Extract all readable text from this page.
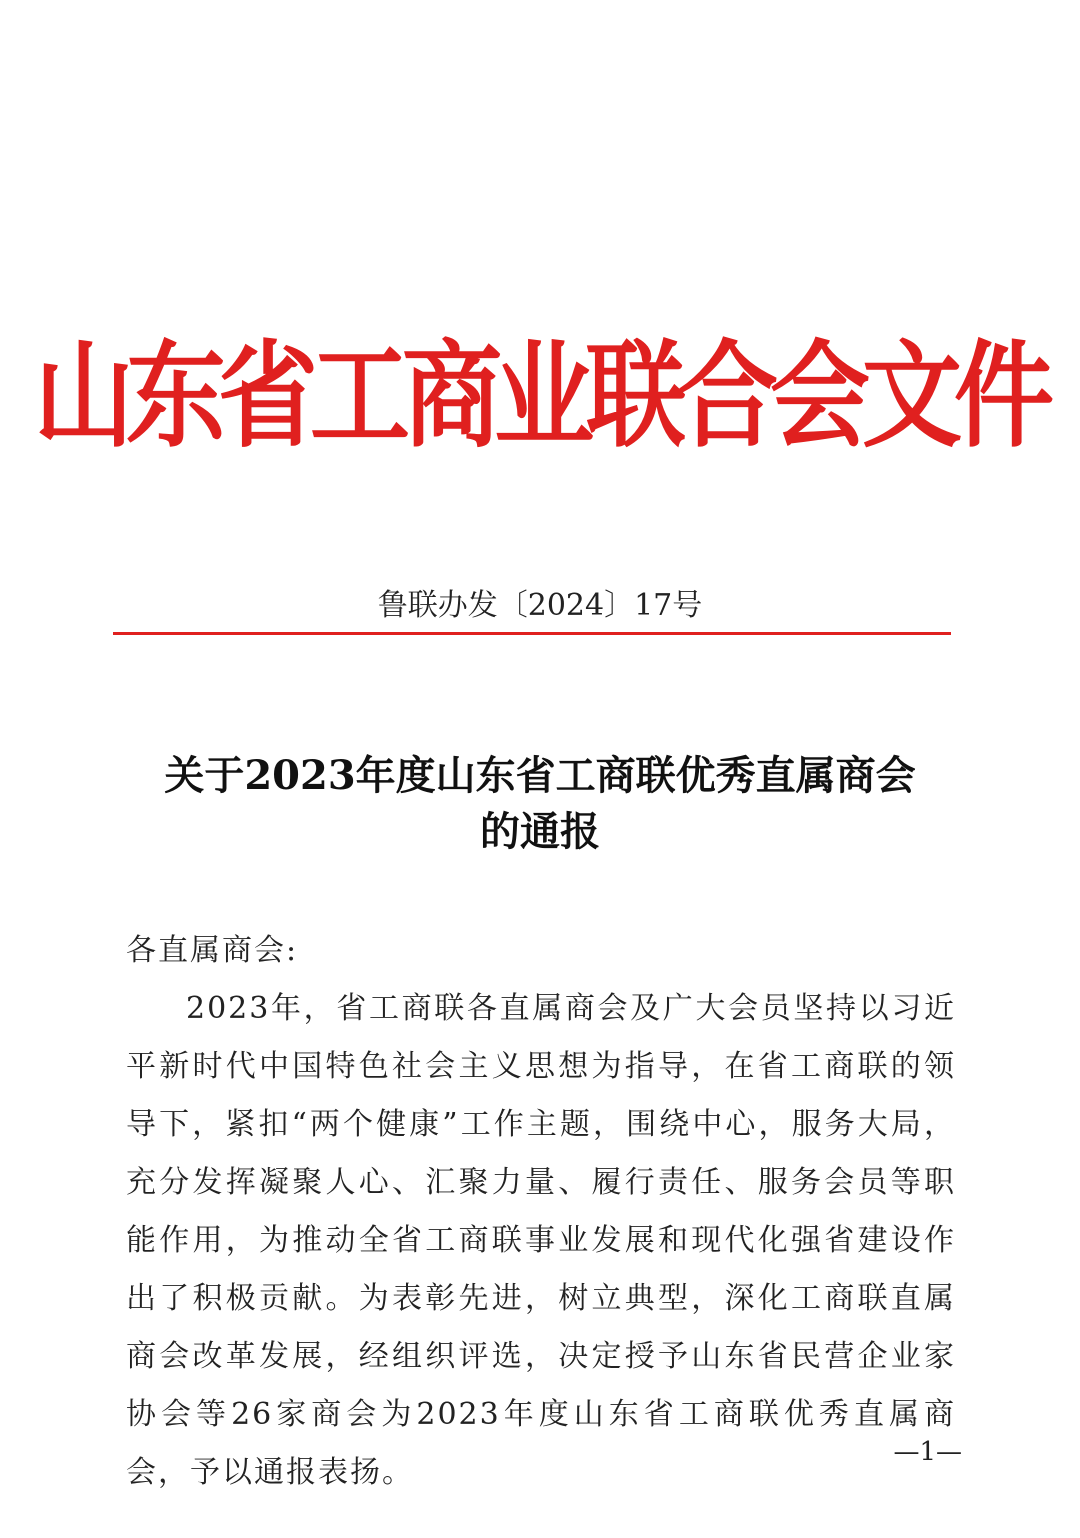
山东省工商业联合会文件
鲁联办发〔2024〕17号
关于2023年度山东省工商联优秀直属商会
的通报
各直属商会:

2023年，省工商联各直属商会及广大会员坚持以习近平新时代中国特色社会主义思想为指导，在省工商联的领导下，紧扣“两个健康”工作主题，围绕中心，服务大局，充分发挥凝聚人心、汇聚力量、履行责任、服务会员等职能作用，为推动全省工商联事业发展和现代化强省建设作出了积极贡献。为表彰先进，树立典型，深化工商联直属商会改革发展，经组织评选，决定授予山东省民营企业家协会等26家商会为2023年度山东省工商联优秀直属商会，予以通报表扬。

—1—
